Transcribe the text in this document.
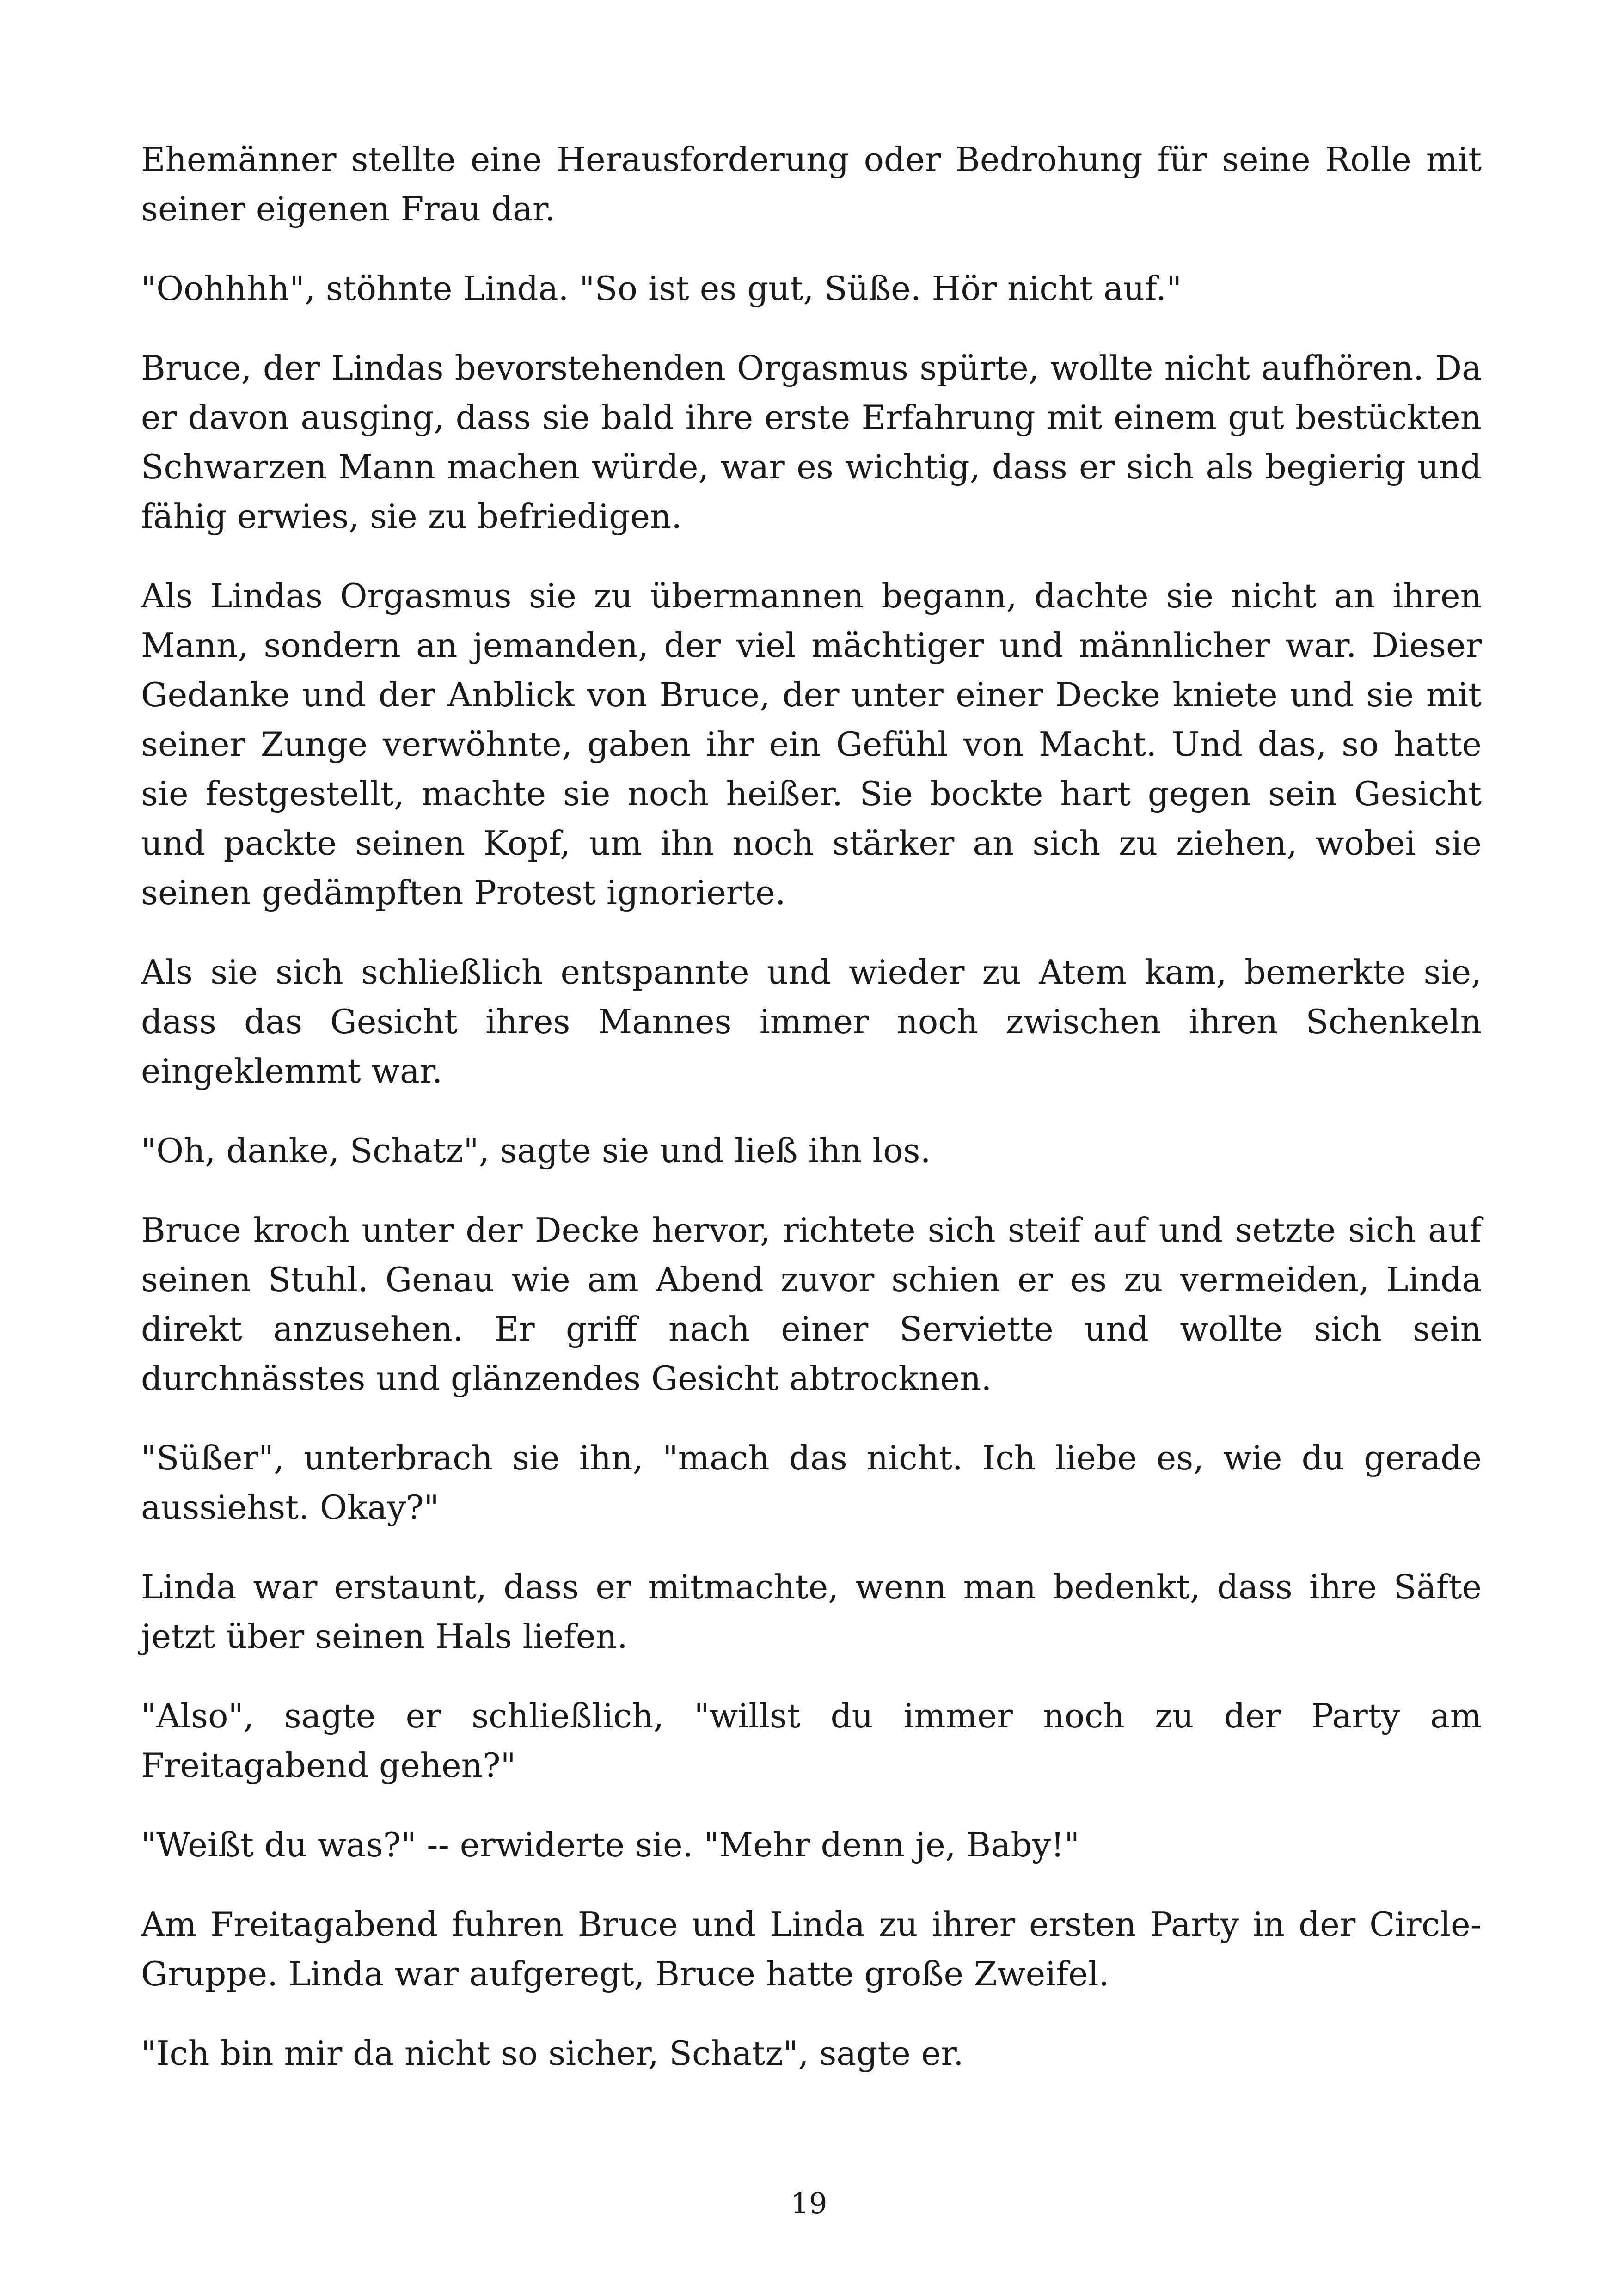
Ehemänner stellte eine Herausforderung oder Bedrohung für seine Rolle mit seiner eigenen Frau dar.

"Oohhhh", stöhnte Linda. "So ist es gut, Süße. Hör nicht auf."

Bruce, der Lindas bevorstehenden Orgasmus spürte, wollte nicht aufhören. Da er davon ausging, dass sie bald ihre erste Erfahrung mit einem gut bestückten Schwarzen Mann machen würde, war es wichtig, dass er sich als begierig und fähig erwies, sie zu befriedigen.

Als Lindas Orgasmus sie zu übermannen begann, dachte sie nicht an ihren Mann, sondern an jemanden, der viel mächtiger und männlicher war. Dieser Gedanke und der Anblick von Bruce, der unter einer Decke kniete und sie mit seiner Zunge verwöhnte, gaben ihr ein Gefühl von Macht. Und das, so hatte sie festgestellt, machte sie noch heißer. Sie bockte hart gegen sein Gesicht und packte seinen Kopf, um ihn noch stärker an sich zu ziehen, wobei sie seinen gedämpften Protest ignorierte.

Als sie sich schließlich entspannte und wieder zu Atem kam, bemerkte sie, dass das Gesicht ihres Mannes immer noch zwischen ihren Schenkeln eingeklemmt war.

"Oh, danke, Schatz", sagte sie und ließ ihn los.

Bruce kroch unter der Decke hervor, richtete sich steif auf und setzte sich auf seinen Stuhl. Genau wie am Abend zuvor schien er es zu vermeiden, Linda direkt anzusehen. Er griff nach einer Serviette und wollte sich sein durchnässtes und glänzendes Gesicht abtrocknen.

"Süßer", unterbrach sie ihn, "mach das nicht. Ich liebe es, wie du gerade aussiehst. Okay?"

Linda war erstaunt, dass er mitmachte, wenn man bedenkt, dass ihre Säfte jetzt über seinen Hals liefen.

"Also", sagte er schließlich, "willst du immer noch zu der Party am Freitagabend gehen?"

"Weißt du was?" -- erwiderte sie. "Mehr denn je, Baby!"

Am Freitagabend fuhren Bruce und Linda zu ihrer ersten Party in der Circle-Gruppe. Linda war aufgeregt, Bruce hatte große Zweifel.

"Ich bin mir da nicht so sicher, Schatz", sagte er.

19
